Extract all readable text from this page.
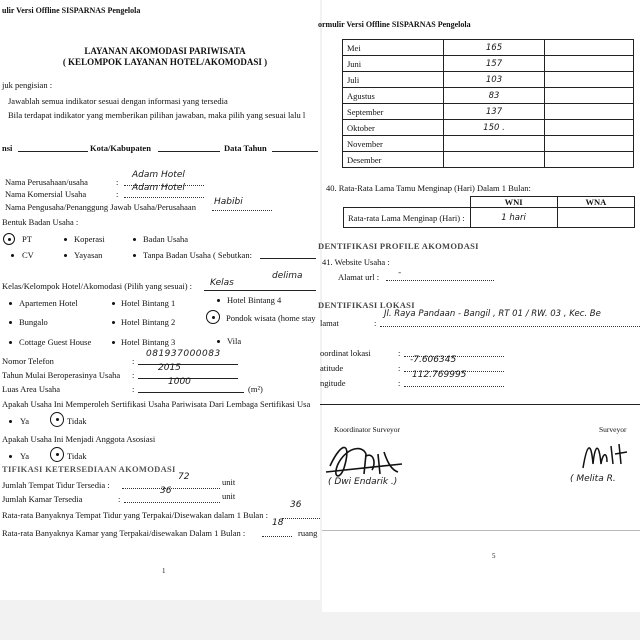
ulir Versi Offline SISPARNAS Pengelola
LAYANAN AKOMODASI PARIWISATA
( KELOMPOK LAYANAN HOTEL/AKOMODASI )
juk pengisian :
Jawablah semua indikator sesuai dengan informasi yang tersedia
Bila terdapat indikator yang memberikan pilihan jawaban, maka pilih yang sesuai lalu l
nsi	Kota/Kabupaten	Data Tahun
Nama Perusahaan/usaha	:
Adam Hotel
Nama Komersial Usaha	:
Adam Hotel
Nama Pengusaha/Penanggung Jawab Usaha/Perusahaan Habibi
Bentuk Badan Usaha :
PT	Koperasi	Badan Usaha
CV	Yayasan	Tanpa Badan Usaha ( Sebutkan:
Kelas/Kelompok Hotel/Akomodasi (Pilih yang sesuai) : Kelas
delima
Apartemen Hotel	Hotel Bintang 1	Hotel Bintang 4
Bungalo	Hotel Bintang 2	Pondok wisata (home stay
Cottage Guest House	Hotel Bintang 3	Vila
Nomor Telefon	:
081937000083
Tahun Mulai Beroperasinya Usaha :
2015
Luas Area Usaha	:
1000
(m²)
Apakah Usaha Ini Memperoleh Sertifikasi Usaha Pariwisata Dari Lembaga Sertifikasi Usa
Ya	Tidak
Apakah Usaha Ini Menjadi Anggota Asosiasi
Ya	Tidak
TIFIKASI KETERSEDIAAN AKOMODASI
Jumlah Tempat Tidur Tersedia :
72	unit
Jumlah Kamar Tersedia	:
36	unit
Rata-rata Banyaknya Tempat Tidur yang Terpakai/Disewakan dalam 1 Bulan :
36
Rata-rata Banyaknya Kamar yang Terpakai/disewakan Dalam 1 Bulan :
18
ruang
1
ormulir Versi Offline SISPARNAS Pengelola
Mei	165	
Juni	157	
Juli	103	
Agustus	83	
September	137	
Oktober	150 .	
November		
Desember		
40. Rata-Rata Lama Tamu Menginap (Hari) Dalam 1 Bulan:
	WNI	WNA
Rata-rata Lama Menginap (Hari) :	1 hari	
DENTIFIKASI PROFILE AKOMODASI
41. Website Usaha :
Alamat url : -
DENTIFIKASI LOKASI
lamat	:
Jl. Raya Pandaan - Bangil , RT 01 / RW. 03 , Kec. Be
oordinat lokasi	:
atitude	:
-7.606345
ngitude	:
112.769995
Koordinator Surveyor
( Dwi Endarik .)
Surveyor
( Melita R.
5
